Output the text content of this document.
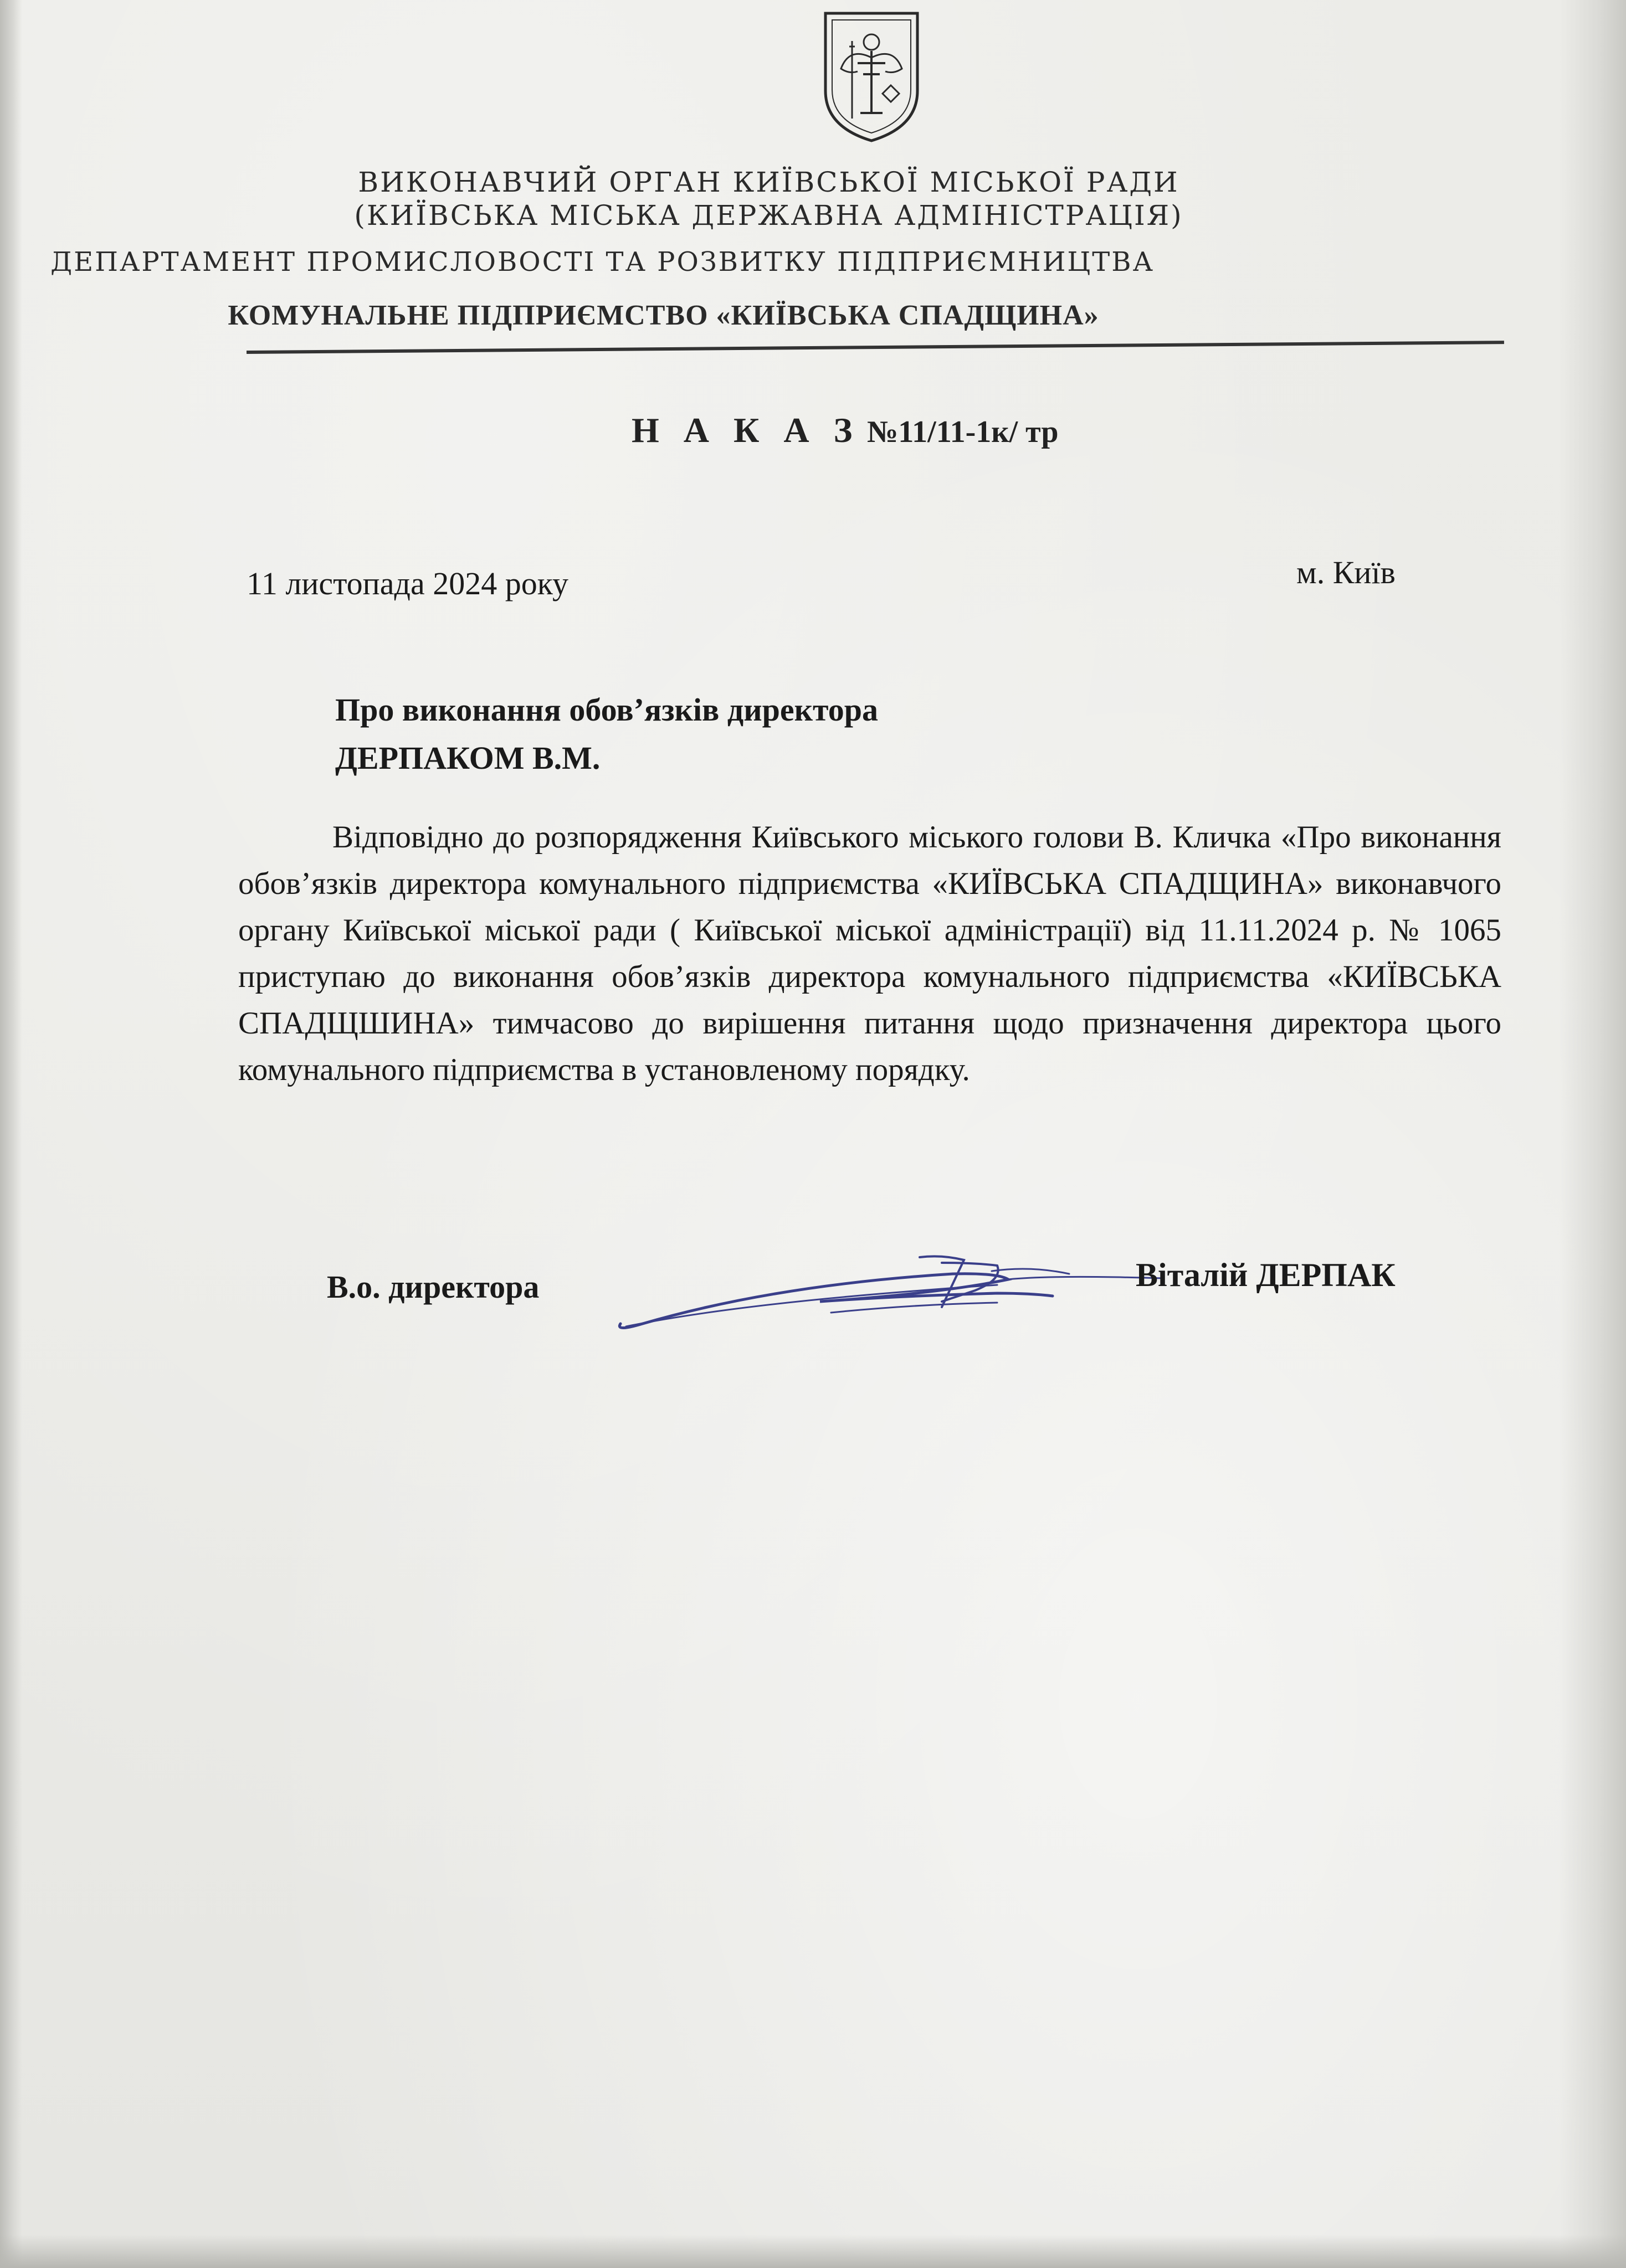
ВИКОНАВЧИЙ ОРГАН КИЇВСЬКОЇ МІСЬКОЇ РАДИ
(КИЇВСЬКА МІСЬКА ДЕРЖАВНА АДМІНІСТРАЦІЯ)
ДЕПАРТАМЕНТ ПРОМИСЛОВОСТІ ТА РОЗВИТКУ ПІДПРИЄМНИЦТВА
КОМУНАЛЬНЕ ПІДПРИЄМСТВО «КИЇВСЬКА СПАДЩИНА»
Н А К А З №11/11-1к/ тр
11 листопада 2024 року	м. Київ
Про виконання обов’язків директора
ДЕРПАКОМ В.М.
Відповідно до розпорядження Київського міського голови В. Кличка «Про виконання обов’язків директора комунального підприємства «КИЇВСЬКА СПАДЩИНА» виконавчого органу Київської міської ради ( Київської міської адміністрації) від 11.11.2024 р. № 1065 приступаю до виконання обов’язків директора комунального підприємства «КИЇВСЬКА СПАДЩШИНА» тимчасово до вирішення питання щодо призначення директора цього комунального підприємства в установленому порядку.
В.о. директора	Віталій ДЕРПАК
